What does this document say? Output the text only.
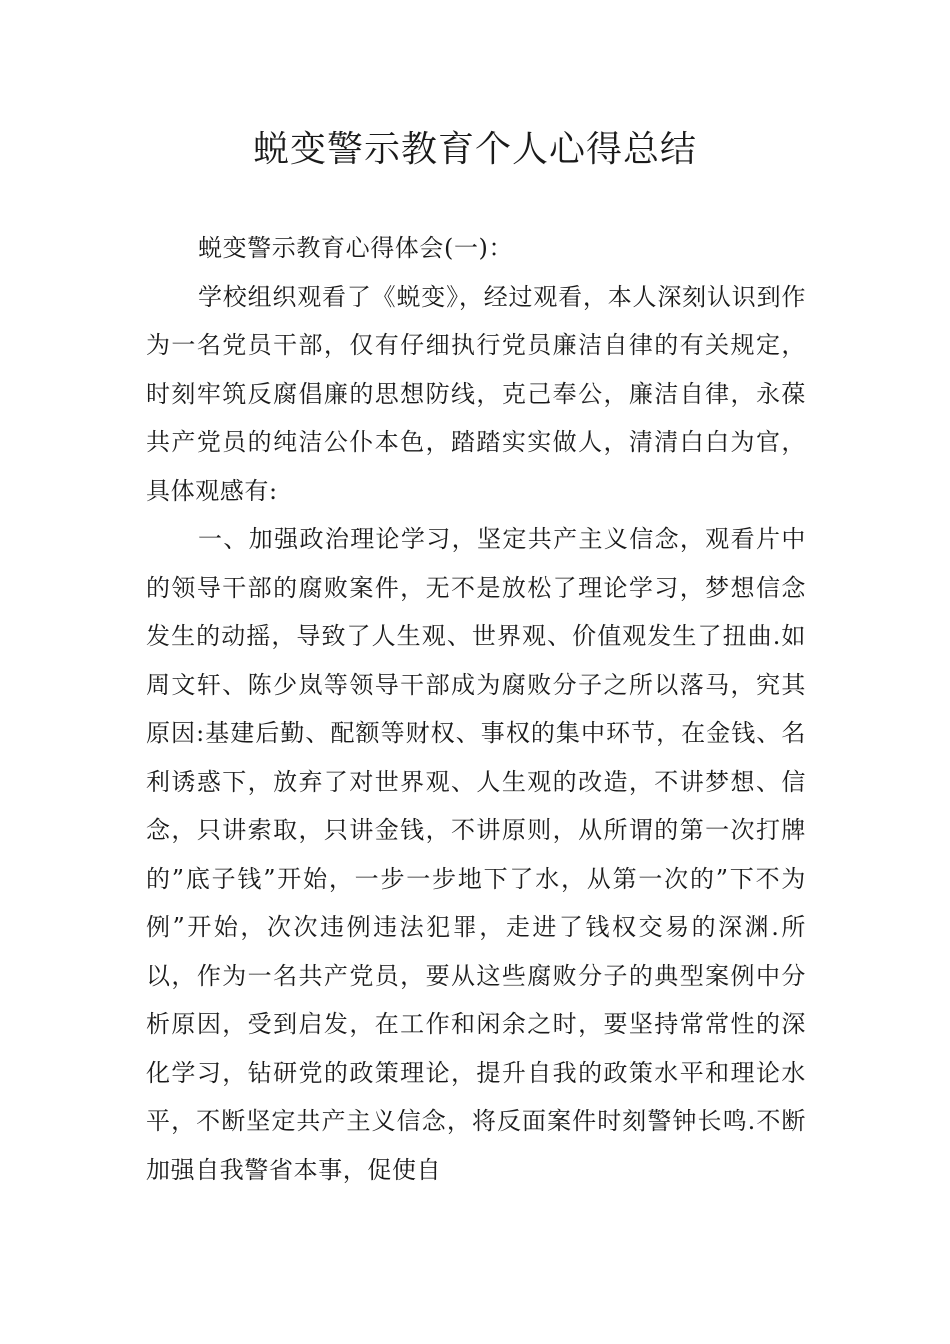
蜕变警示教育个人心得总结

蜕变警示教育心得体会(一)：

学校组织观看了《蜕变》，经过观看，本人深刻认识到作为一名党员干部，仅有仔细执行党员廉洁自律的有关规定，时刻牢筑反腐倡廉的思想防线，克己奉公，廉洁自律，永葆共产党员的纯洁公仆本色，踏踏实实做人，清清白白为官，具体观感有:

一、加强政治理论学习，坚定共产主义信念，观看片中的领导干部的腐败案件，无不是放松了理论学习，梦想信念发生的动摇，导致了人生观、世界观、价值观发生了扭曲.如周文轩、陈少岚等领导干部成为腐败分子之所以落马，究其原因:基建后勤、配额等财权、事权的集中环节，在金钱、名利诱惑下，放弃了对世界观、人生观的改造，不讲梦想、信念，只讲索取，只讲金钱，不讲原则，从所谓的第一次打牌的”底子钱”开始，一步一步地下了水，从第一次的”下不为例”开始，次次违例违法犯罪，走进了钱权交易的深渊.所以，作为一名共产党员，要从这些腐败分子的典型案例中分析原因，受到启发，在工作和闲余之时，要坚持常常性的深化学习，钻研党的政策理论，提升自我的政策水平和理论水平，不断坚定共产主义信念，将反面案件时刻警钟长鸣.不断加强自我警省本事，促使自
